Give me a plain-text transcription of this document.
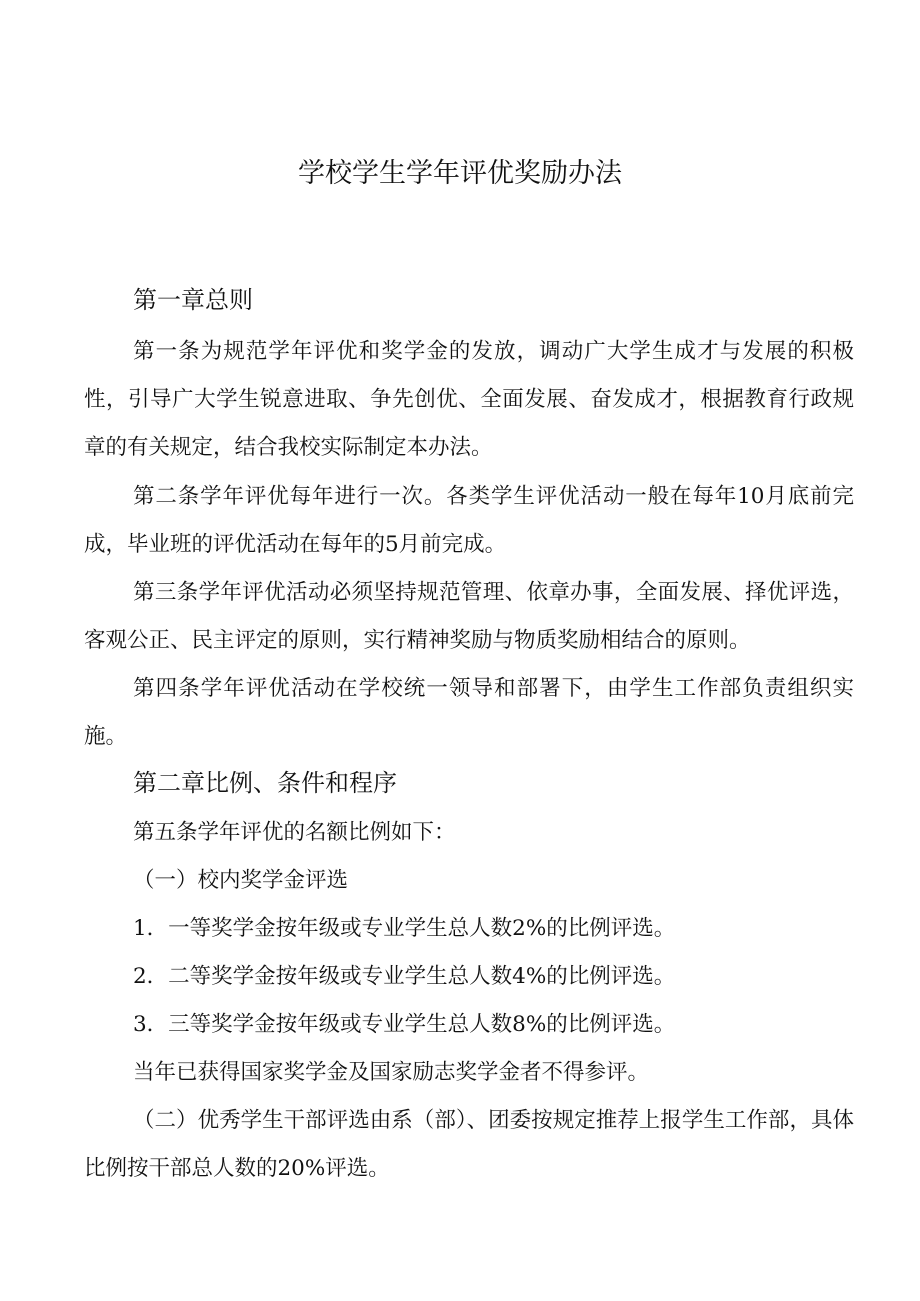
学校学生学年评优奖励办法
第一章总则
第一条为规范学年评优和奖学金的发放，调动广大学生成才与发展的积极性，引导广大学生锐意进取、争先创优、全面发展、奋发成才，根据教育行政规章的有关规定，结合我校实际制定本办法。
第二条学年评优每年进行一次。各类学生评优活动一般在每年10月底前完成，毕业班的评优活动在每年的5月前完成。
第三条学年评优活动必须坚持规范管理、依章办事，全面发展、择优评选，客观公正、民主评定的原则，实行精神奖励与物质奖励相结合的原则。
第四条学年评优活动在学校统一领导和部署下，由学生工作部负责组织实施。
第二章比例、条件和程序
第五条学年评优的名额比例如下：
（一）校内奖学金评选
1．一等奖学金按年级或专业学生总人数2%的比例评选。
2．二等奖学金按年级或专业学生总人数4%的比例评选。
3．三等奖学金按年级或专业学生总人数8%的比例评选。
当年已获得国家奖学金及国家励志奖学金者不得参评。
（二）优秀学生干部评选由系（部）、团委按规定推荐上报学生工作部，具体比例按干部总人数的20%评选。
